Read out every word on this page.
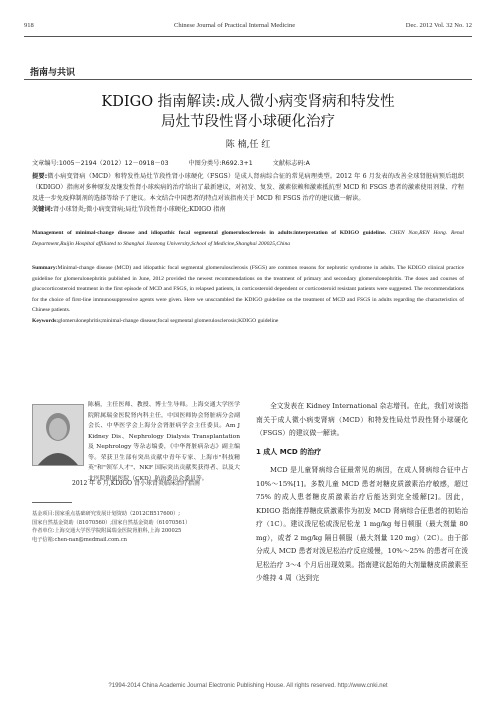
918	Chinese Journal of Practical Internal Medicine	Dec. 2012 Vol. 32 No. 12
指南与共识
KDIGO 指南解读:成人微小病变肾病和特发性
局灶节段性肾小球硬化治疗
陈 楠,任 红
文章编号:1005－2194（2012）12－0918－03	中图分类号:R692.3+1	文献标志码:A
提要:微小病变肾病（MCD）和特发性局灶节段性肾小球硬化（FSGS）是成人肾病综合征的常见病理类型。2012 年 6 月发表的改善全球肾脏病预后组织（KDIGO）指南对多种原发及继发性肾小球疾病的治疗给出了最新建议，对初发、复发、激素依赖和激素抵抗型 MCD 和 FSGS 患者的激素使用剂量、疗程及进一步免疫抑制剂的选择等给予了建议。本文结合中国患者的特点对该指南关于 MCD 和 FSGS 治疗的建议做一解读。
关键词:肾小球肾炎;微小病变肾病;局灶节段性肾小球硬化;KDIGO 指南
Management of minimal-change disease and idiopathic focal segmental glomerulosclerosis in adults:interpretation of KDIGO guideline. CHEN Nan,REN Hong. Renal Department,Ruijin Hospital affiliated to Shanghai Jiaotong University,School of Medicine,Shanghai 200025,China
Summary:Minimal-change disease (MCD) and idiopathic focal segmental glomerulosclerosis (FSGS) are common reasons for nephrotic syndrome in adults. The KDIGO clinical practice guideline for glomerulonephritis published in June, 2012 provided the newest recommendations on the treatment of primary and secondary glomerulonephritis. The doses and courses of glucocorticosteroid treatment in the first episode of MCD and FSGS, in relapsed patients, in corticosteroid dependent or corticosteroid resistant patients were suggested. The recommendations for the choice of first-line immunosuppressive agents were given. Here we unscrambled the KDIGO guideline on the treatment of MCD and FSGS in adults regarding the characteristics of Chinese patients.
Keywords:glomerulonephritis;minimal-change disease;focal segmental glomerulosclerosis;KDIGO guideline
陈楠，主任医师、教授、博士生导师。上海交通大学医学院附属瑞金医院肾内科主任，中国医师协会肾脏病分会副会长、中华医学会上海分会肾脏病学会主任委员。Am J Kidney Dis、Nephrology Dialysis Transplantation 及 Nephrology 等杂志编委，《中华肾脏病杂志》副主编等。荣获卫生部有突出贡献中青年专家、上海市"科技精英"和"领军人才"、NKF 国际突出贡献奖获得者、以及大北医院附属医院（CKD）防治委员会委员等。
2012 年 6 月,KDIGO 肾小球肾炎临床治疗指南
基金项目:国家重点基础研究发展计划资助（2012CB517600）;
国家自然基金资助（81070560）;国家自然基金资助（61070561）
作者单位:上海交通大学医学院附属瑞金医院肾脏科,上海 200025
电子信箱:chen-nan@medmail.com.cn
全文发表在 Kidney International 杂志增刊。在此，我们对该指南关于成人微小病变肾病（MCD）和特发性局灶节段性肾小球硬化（FSGS）的建议做一解读。
1 成人 MCD 的治疗
MCD 是儿童肾病综合征最常见的病因，在成人肾病综合征中占 10%～15%[1]。多数儿童 MCD 患者对糖皮质激素治疗敏感，超过 75% 的成人患者糖皮质激素治疗后能达到完全缓解[2]。因此，KDIGO 指南推荐糖皮质激素作为初发 MCD 肾病综合征患者的初始治疗（1C）。建议泼尼松或泼尼松龙 1 mg/kg 每日顿服（最大剂量 80 mg），或者 2 mg/kg 隔日顿服（最大剂量 120 mg）（2C）。由于部分成人 MCD 患者对泼尼松治疗反应缓慢，10%～25% 的患者可在泼尼松治疗 3～4 个月后出现效果。指南建议起始的大剂量糖皮质激素至少维持 4 周（达到完
?1994-2014 China Academic Journal Electronic Publishing House. All rights reserved. http://www.cnki.net
